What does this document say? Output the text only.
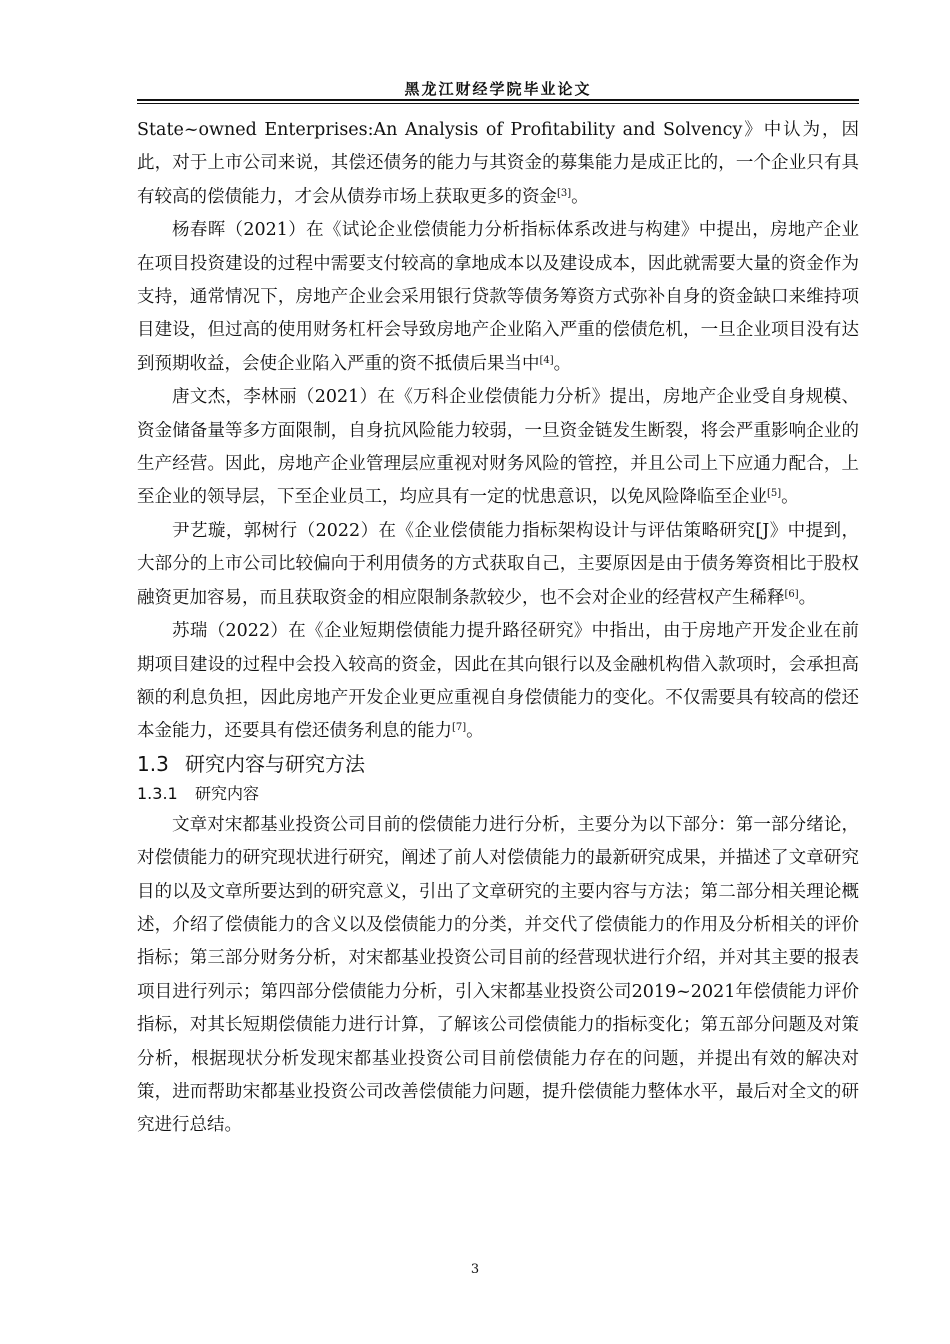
黑龙江财经学院毕业论文

State~owned Enterprises:An Analysis of Profitability and Solvency》中认为，因此，对于上市公司来说，其偿还债务的能力与其资金的募集能力是成正比的，一个企业只有具有较高的偿债能力，才会从债券市场上获取更多的资金[3]。

杨春晖（2021）在《试论企业偿债能力分析指标体系改进与构建》中提出，房地产企业在项目投资建设的过程中需要支付较高的拿地成本以及建设成本，因此就需要大量的资金作为支持，通常情况下，房地产企业会采用银行贷款等债务筹资方式弥补自身的资金缺口来维持项目建设，但过高的使用财务杠杆会导致房地产企业陷入严重的偿债危机，一旦企业项目没有达到预期收益，会使企业陷入严重的资不抵债后果当中[4]。

唐文杰，李林丽（2021）在《万科企业偿债能力分析》提出，房地产企业受自身规模、资金储备量等多方面限制，自身抗风险能力较弱，一旦资金链发生断裂，将会严重影响企业的生产经营。因此，房地产企业管理层应重视对财务风险的管控，并且公司上下应通力配合，上至企业的领导层，下至企业员工，均应具有一定的忧患意识，以免风险降临至企业[5]。

尹艺璇，郭树行（2022）在《企业偿债能力指标架构设计与评估策略研究[J》中提到，大部分的上市公司比较偏向于利用债务的方式获取自己，主要原因是由于债务筹资相比于股权融资更加容易，而且获取资金的相应限制条款较少，也不会对企业的经营权产生稀释[6]。

苏瑞（2022）在《企业短期偿债能力提升路径研究》中指出，由于房地产开发企业在前期项目建设的过程中会投入较高的资金，因此在其向银行以及金融机构借入款项时，会承担高额的利息负担，因此房地产开发企业更应重视自身偿债能力的变化。不仅需要具有较高的偿还本金能力，还要具有偿还债务利息的能力[7]。

1.3 研究内容与研究方法
1.3.1 研究内容

文章对宋都基业投资公司目前的偿债能力进行分析，主要分为以下部分：第一部分绪论，对偿债能力的研究现状进行研究，阐述了前人对偿债能力的最新研究成果，并描述了文章研究目的以及文章所要达到的研究意义，引出了文章研究的主要内容与方法；第二部分相关理论概述，介绍了偿债能力的含义以及偿债能力的分类，并交代了偿债能力的作用及分析相关的评价指标；第三部分财务分析，对宋都基业投资公司目前的经营现状进行介绍，并对其主要的报表项目进行列示；第四部分偿债能力分析，引入宋都基业投资公司2019~2021年偿债能力评价指标，对其长短期偿债能力进行计算，了解该公司偿债能力的指标变化；第五部分问题及对策分析，根据现状分析发现宋都基业投资公司目前偿债能力存在的问题，并提出有效的解决对策，进而帮助宋都基业投资公司改善偿债能力问题，提升偿债能力整体水平，最后对全文的研究进行总结。

3
